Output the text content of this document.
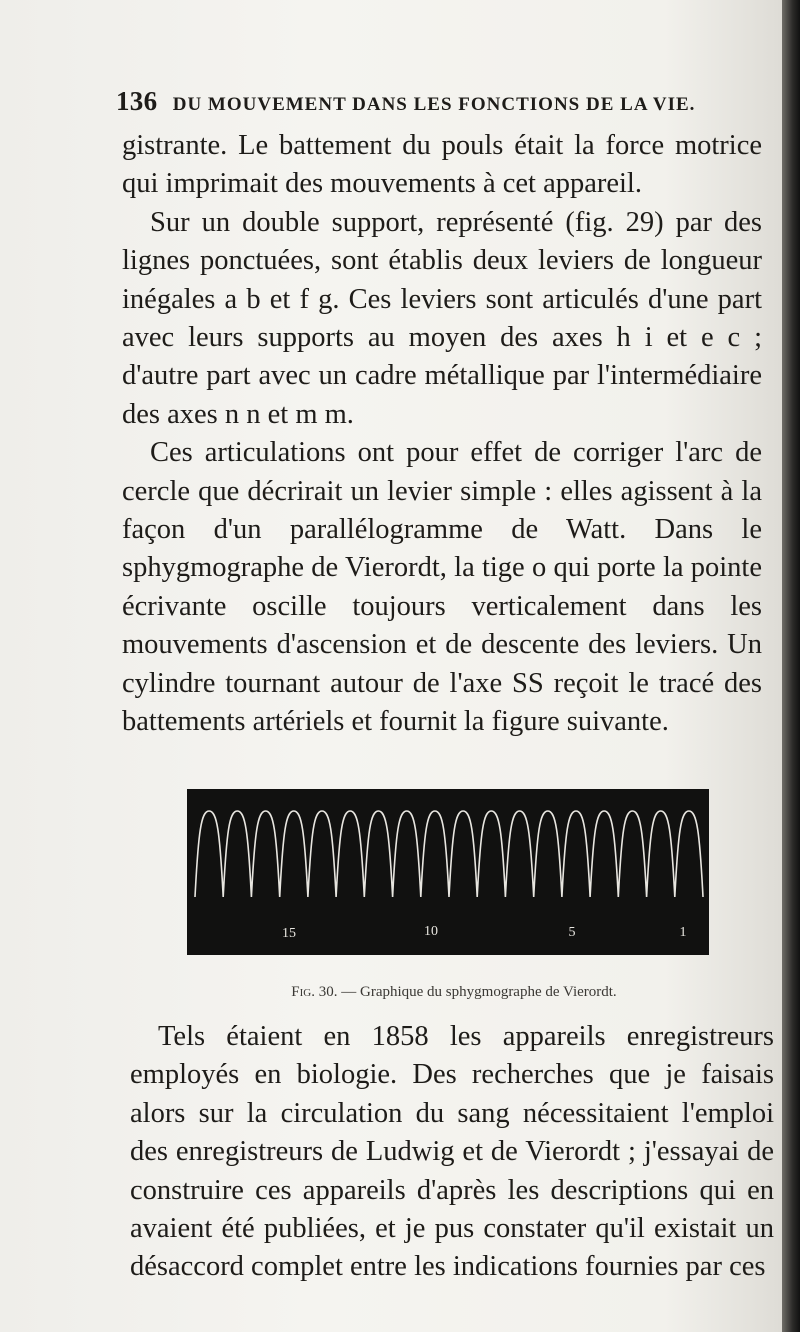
136 DU MOUVEMENT DANS LES FONCTIONS DE LA VIE.

gistrante. Le battement du pouls était la force motrice qui imprimait des mouvements à cet appareil.

Sur un double support, représenté (fig. 29) par des lignes ponctuées, sont établis deux leviers de longueur inégales a b et f g. Ces leviers sont articulés d'une part avec leurs supports au moyen des axes h i et e c ; d'autre part avec un cadre métallique par l'intermédiaire des axes n n et m m.

Ces articulations ont pour effet de corriger l'arc de cercle que décrirait un levier simple : elles agissent à la façon d'un parallélogramme de Watt. Dans le sphygmographe de Vierordt, la tige o qui porte la pointe écrivante oscille toujours verticalement dans les mouvements d'ascension et de descente des leviers. Un cylindre tournant autour de l'axe SS reçoit le tracé des battements artériels et fournit la figure suivante.

15	10	5	1
Fig. 30. — Graphique du sphygmographe de Vierordt.

Tels étaient en 1858 les appareils enregistreurs employés en biologie. Des recherches que je faisais alors sur la circulation du sang nécessitaient l'emploi des enregistreurs de Ludwig et de Vierordt ; j'essayai de construire ces appareils d'après les descriptions qui en avaient été publiées, et je pus constater qu'il existait un désaccord complet entre les indications fournies par ces
